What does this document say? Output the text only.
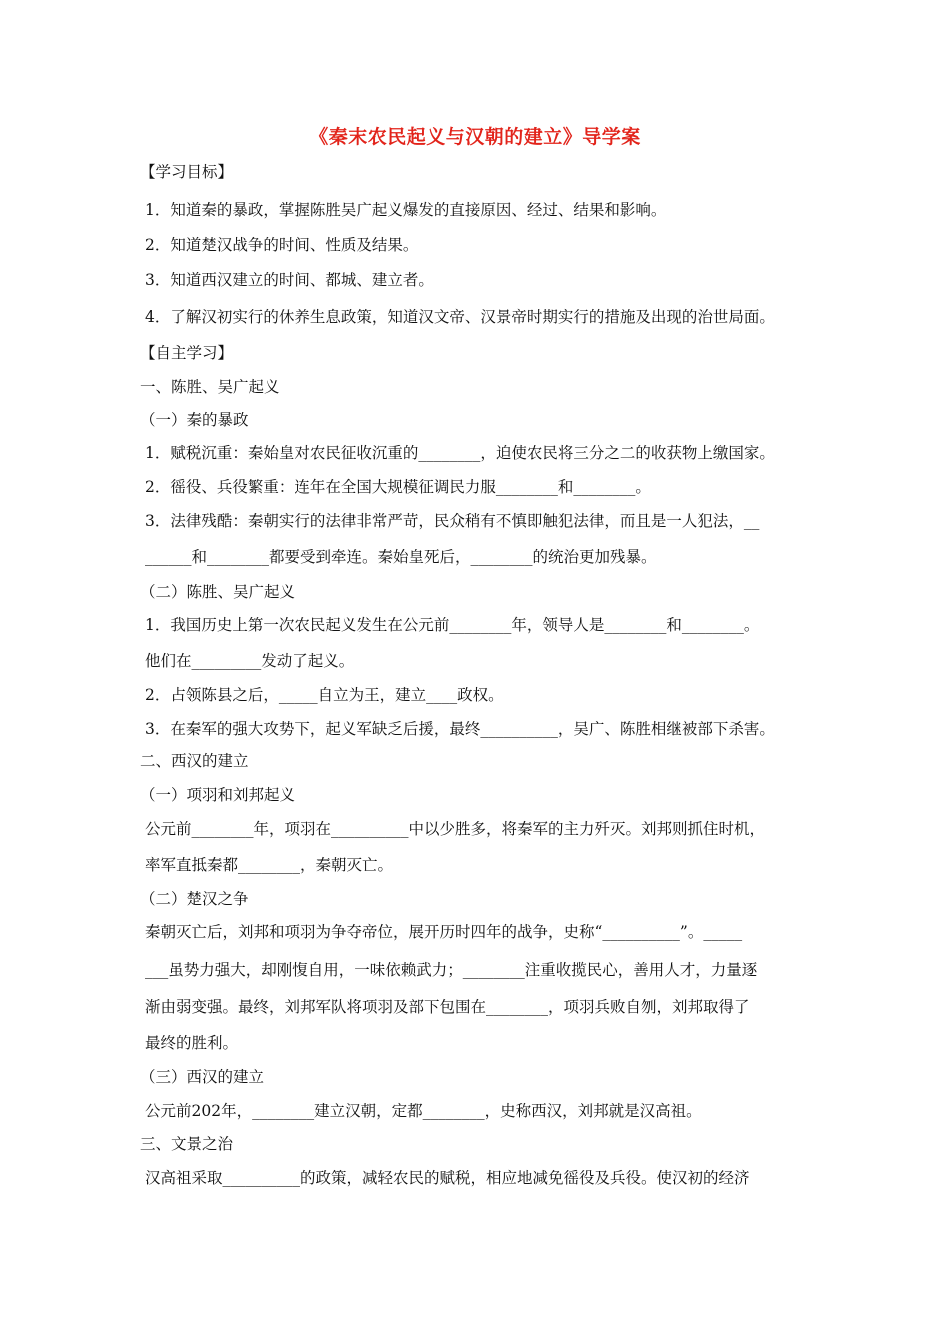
《秦末农民起义与汉朝的建立》导学案
【学习目标】
1．知道秦的暴政，掌握陈胜吴广起义爆发的直接原因、经过、结果和影响。
2．知道楚汉战争的时间、性质及结果。
3．知道西汉建立的时间、都城、建立者。
4．了解汉初实行的休养生息政策，知道汉文帝、汉景帝时期实行的措施及出现的治世局面。
【自主学习】
一、陈胜、吴广起义
（一）秦的暴政
1．赋税沉重：秦始皇对农民征收沉重的________，迫使农民将三分之二的收获物上缴国家。
2．徭役、兵役繁重：连年在全国大规模征调民力服________和________。
3．法律残酷：秦朝实行的法律非常严苛，民众稍有不慎即触犯法律，而且是一人犯法，__
______和________都要受到牵连。秦始皇死后，________的统治更加残暴。
（二）陈胜、吴广起义
1．我国历史上第一次农民起义发生在公元前________年，领导人是________和________。
他们在_________发动了起义。
2．占领陈县之后，_____自立为王，建立____政权。
3．在秦军的强大攻势下，起义军缺乏后援，最终__________，吴广、陈胜相继被部下杀害。
二、西汉的建立
（一）项羽和刘邦起义
公元前________年，项羽在__________中以少胜多，将秦军的主力歼灭。刘邦则抓住时机，
率军直抵秦都________，秦朝灭亡。
（二）楚汉之争
秦朝灭亡后，刘邦和项羽为争夺帝位，展开历时四年的战争，史称“__________”。_____
___虽势力强大，却刚愎自用，一味依赖武力；________注重收揽民心，善用人才，力量逐
渐由弱变强。最终，刘邦军队将项羽及部下包围在________，项羽兵败自刎，刘邦取得了
最终的胜利。
（三）西汉的建立
公元前202年，________建立汉朝，定都________，史称西汉，刘邦就是汉高祖。
三、文景之治
汉高祖采取__________的政策，减轻农民的赋税，相应地减免徭役及兵役。使汉初的经济
